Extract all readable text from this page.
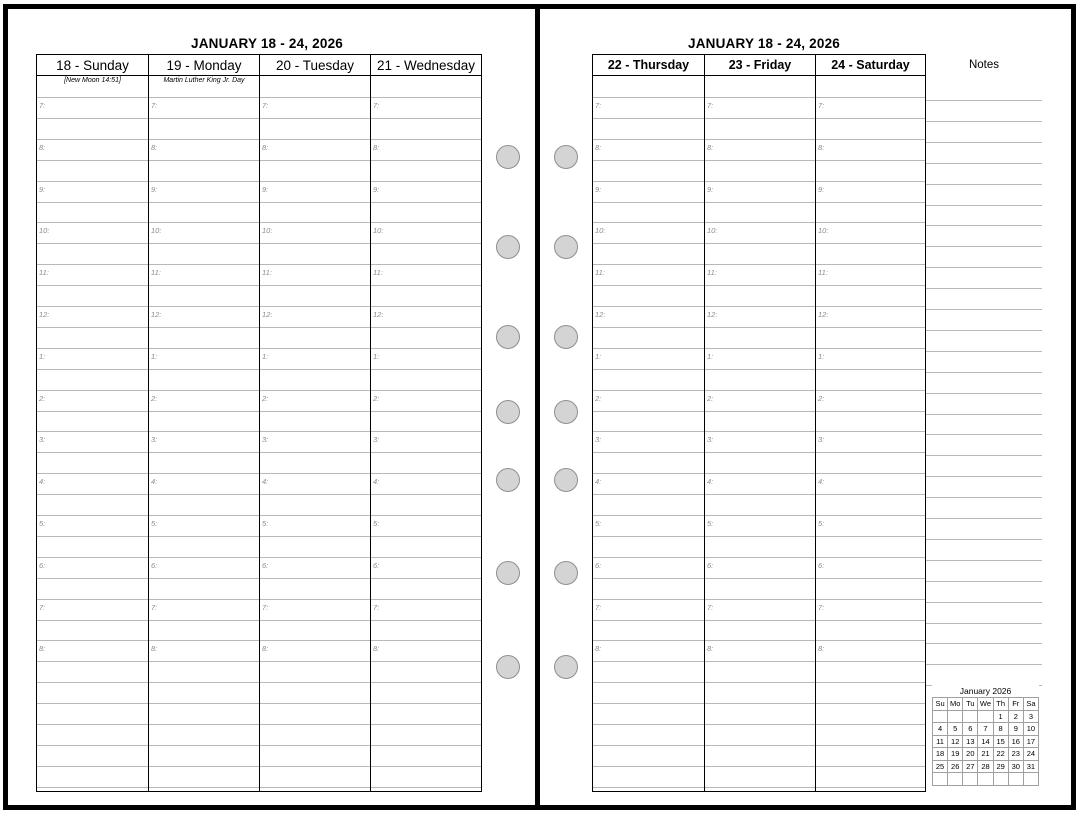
JANUARY 18 - 24, 2026
18 - Sunday
[New Moon 14:51]
7:
8:
9:
10:
11:
12:
1:
2:
3:
4:
5:
6:
7:
8:
19 - Monday
Martin Luther King Jr. Day
7:
8:
9:
10:
11:
12:
1:
2:
3:
4:
5:
6:
7:
8:
20 - Tuesday
7:
8:
9:
10:
11:
12:
1:
2:
3:
4:
5:
6:
7:
8:
21 - Wednesday
7:
8:
9:
10:
11:
12:
1:
2:
3:
4:
5:
6:
7:
8:
JANUARY 18 - 24, 2026
22 - Thursday
7:
8:
9:
10:
11:
12:
1:
2:
3:
4:
5:
6:
7:
8:
23 - Friday
7:
8:
9:
10:
11:
12:
1:
2:
3:
4:
5:
6:
7:
8:
24 - Saturday
7:
8:
9:
10:
11:
12:
1:
2:
3:
4:
5:
6:
7:
8:
Notes
January 2026
Su	Mo	Tu	We	Th	Fr	Sa
				1	2	3
4	5	6	7	8	9	10
11	12	13	14	15	16	17
18	19	20	21	22	23	24
25	26	27	28	29	30	31
